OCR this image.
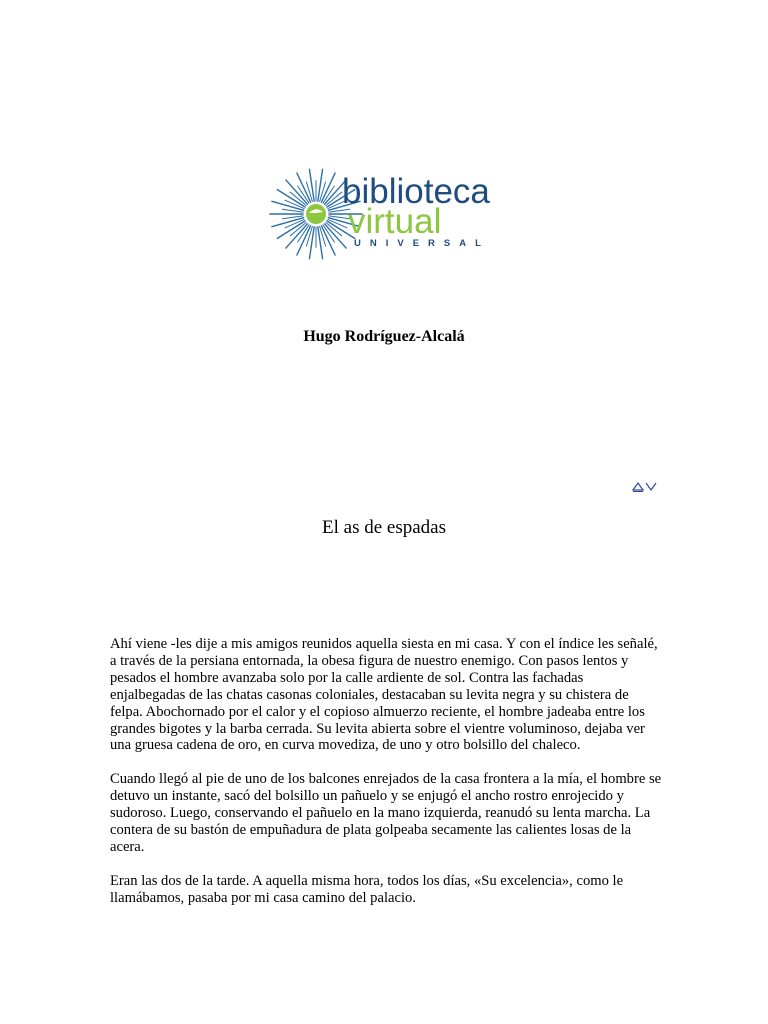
biblioteca
virtual
UNIVERSAL
Hugo Rodríguez-Alcalá
El as de espadas

Ahí viene -les dije a mis amigos reunidos aquella siesta en mi casa. Y con el índice les señalé, a través de la persiana entornada, la obesa figura de nuestro enemigo. Con pasos lentos y pesados el hombre avanzaba solo por la calle ardiente de sol. Contra las fachadas enjalbegadas de las chatas casonas coloniales, destacaban su levita negra y su chistera de felpa. Abochornado por el calor y el copioso almuerzo reciente, el hombre jadeaba entre los grandes bigotes y la barba cerrada. Su levita abierta sobre el vientre voluminoso, dejaba ver una gruesa cadena de oro, en curva movediza, de uno y otro bolsillo del chaleco.

Cuando llegó al pie de uno de los balcones enrejados de la casa frontera a la mía, el hombre se detuvo un instante, sacó del bolsillo un pañuelo y se enjugó el ancho rostro enrojecido y sudoroso. Luego, conservando el pañuelo en la mano izquierda, reanudó su lenta marcha. La contera de su bastón de empuñadura de plata golpeaba secamente las calientes losas de la acera.

Eran las dos de la tarde. A aquella misma hora, todos los días, «Su excelencia», como le llamábamos, pasaba por mi casa camino del palacio.
